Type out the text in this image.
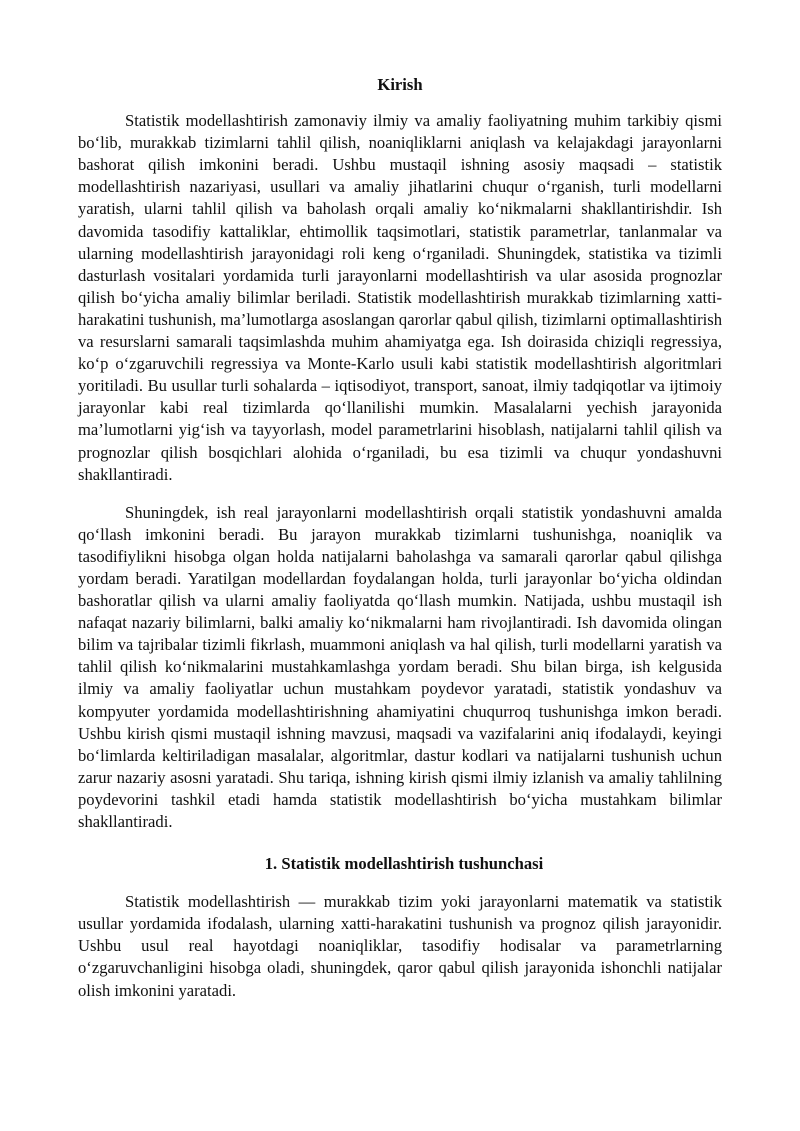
Kirish

Statistik modellashtirish zamonaviy ilmiy va amaliy faoliyatning muhim tarkibiy qismi bo‘lib, murakkab tizimlarni tahlil qilish, noaniqliklarni aniqlash va kelajakdagi jarayonlarni bashorat qilish imkonini beradi. Ushbu mustaqil ishning asosiy maqsadi – statistik modellashtirish nazariyasi, usullari va amaliy jihatlarini chuqur o‘rganish, turli modellarni yaratish, ularni tahlil qilish va baholash orqali amaliy ko‘nikmalarni shakllantirishdir. Ish davomida tasodifiy kattaliklar, ehtimollik taqsimotlari, statistik parametrlar, tanlanmalar va ularning modellashtirish jarayonidagi roli keng o‘rganiladi. Shuningdek, statistika va tizimli dasturlash vositalari yordamida turli jarayonlarni modellashtirish va ular asosida prognozlar qilish bo‘yicha amaliy bilimlar beriladi. Statistik modellashtirish murakkab tizimlarning xatti-harakatini tushunish, ma’lumotlarga asoslangan qarorlar qabul qilish, tizimlarni optimallashtirish va resurslarni samarali taqsimlashda muhim ahamiyatga ega. Ish doirasida chiziqli regressiya, ko‘p o‘zgaruvchili regressiya va Monte-Karlo usuli kabi statistik modellashtirish algoritmlari yoritiladi. Bu usullar turli sohalarda – iqtisodiyot, transport, sanoat, ilmiy tadqiqotlar va ijtimoiy jarayonlar kabi real tizimlarda qo‘llanilishi mumkin. Masalalarni yechish jarayonida ma’lumotlarni yig‘ish va tayyorlash, model parametrlarini hisoblash, natijalarni tahlil qilish va prognozlar qilish bosqichlari alohida o‘rganiladi, bu esa tizimli va chuqur yondashuvni shakllantiradi.

Shuningdek, ish real jarayonlarni modellashtirish orqali statistik yondashuvni amalda qo‘llash imkonini beradi. Bu jarayon murakkab tizimlarni tushunishga, noaniqlik va tasodifiylikni hisobga olgan holda natijalarni baholashga va samarali qarorlar qabul qilishga yordam beradi. Yaratilgan modellardan foydalangan holda, turli jarayonlar bo‘yicha oldindan bashoratlar qilish va ularni amaliy faoliyatda qo‘llash mumkin. Natijada, ushbu mustaqil ish nafaqat nazariy bilimlarni, balki amaliy ko‘nikmalarni ham rivojlantiradi. Ish davomida olingan bilim va tajribalar tizimli fikrlash, muammoni aniqlash va hal qilish, turli modellarni yaratish va tahlil qilish ko‘nikmalarini mustahkamlashga yordam beradi. Shu bilan birga, ish kelgusida ilmiy va amaliy faoliyatlar uchun mustahkam poydevor yaratadi, statistik yondashuv va kompyuter yordamida modellashtirishning ahamiyatini chuqurroq tushunishga imkon beradi. Ushbu kirish qismi mustaqil ishning mavzusi, maqsadi va vazifalarini aniq ifodalaydi, keyingi bo‘limlarda keltiriladigan masalalar, algoritmlar, dastur kodlari va natijalarni tushunish uchun zarur nazariy asosni yaratadi. Shu tariqa, ishning kirish qismi ilmiy izlanish va amaliy tahlilning poydevorini tashkil etadi hamda statistik modellashtirish bo‘yicha mustahkam bilimlar shakllantiradi.

1. Statistik modellashtirish tushunchasi

Statistik modellashtirish — murakkab tizim yoki jarayonlarni matematik va statistik usullar yordamida ifodalash, ularning xatti-harakatini tushunish va prognoz qilish jarayonidir. Ushbu usul real hayotdagi noaniqliklar, tasodifiy hodisalar va parametrlarning o‘zgaruvchanligini hisobga oladi, shuningdek, qaror qabul qilish jarayonida ishonchli natijalar olish imkonini yaratadi.
